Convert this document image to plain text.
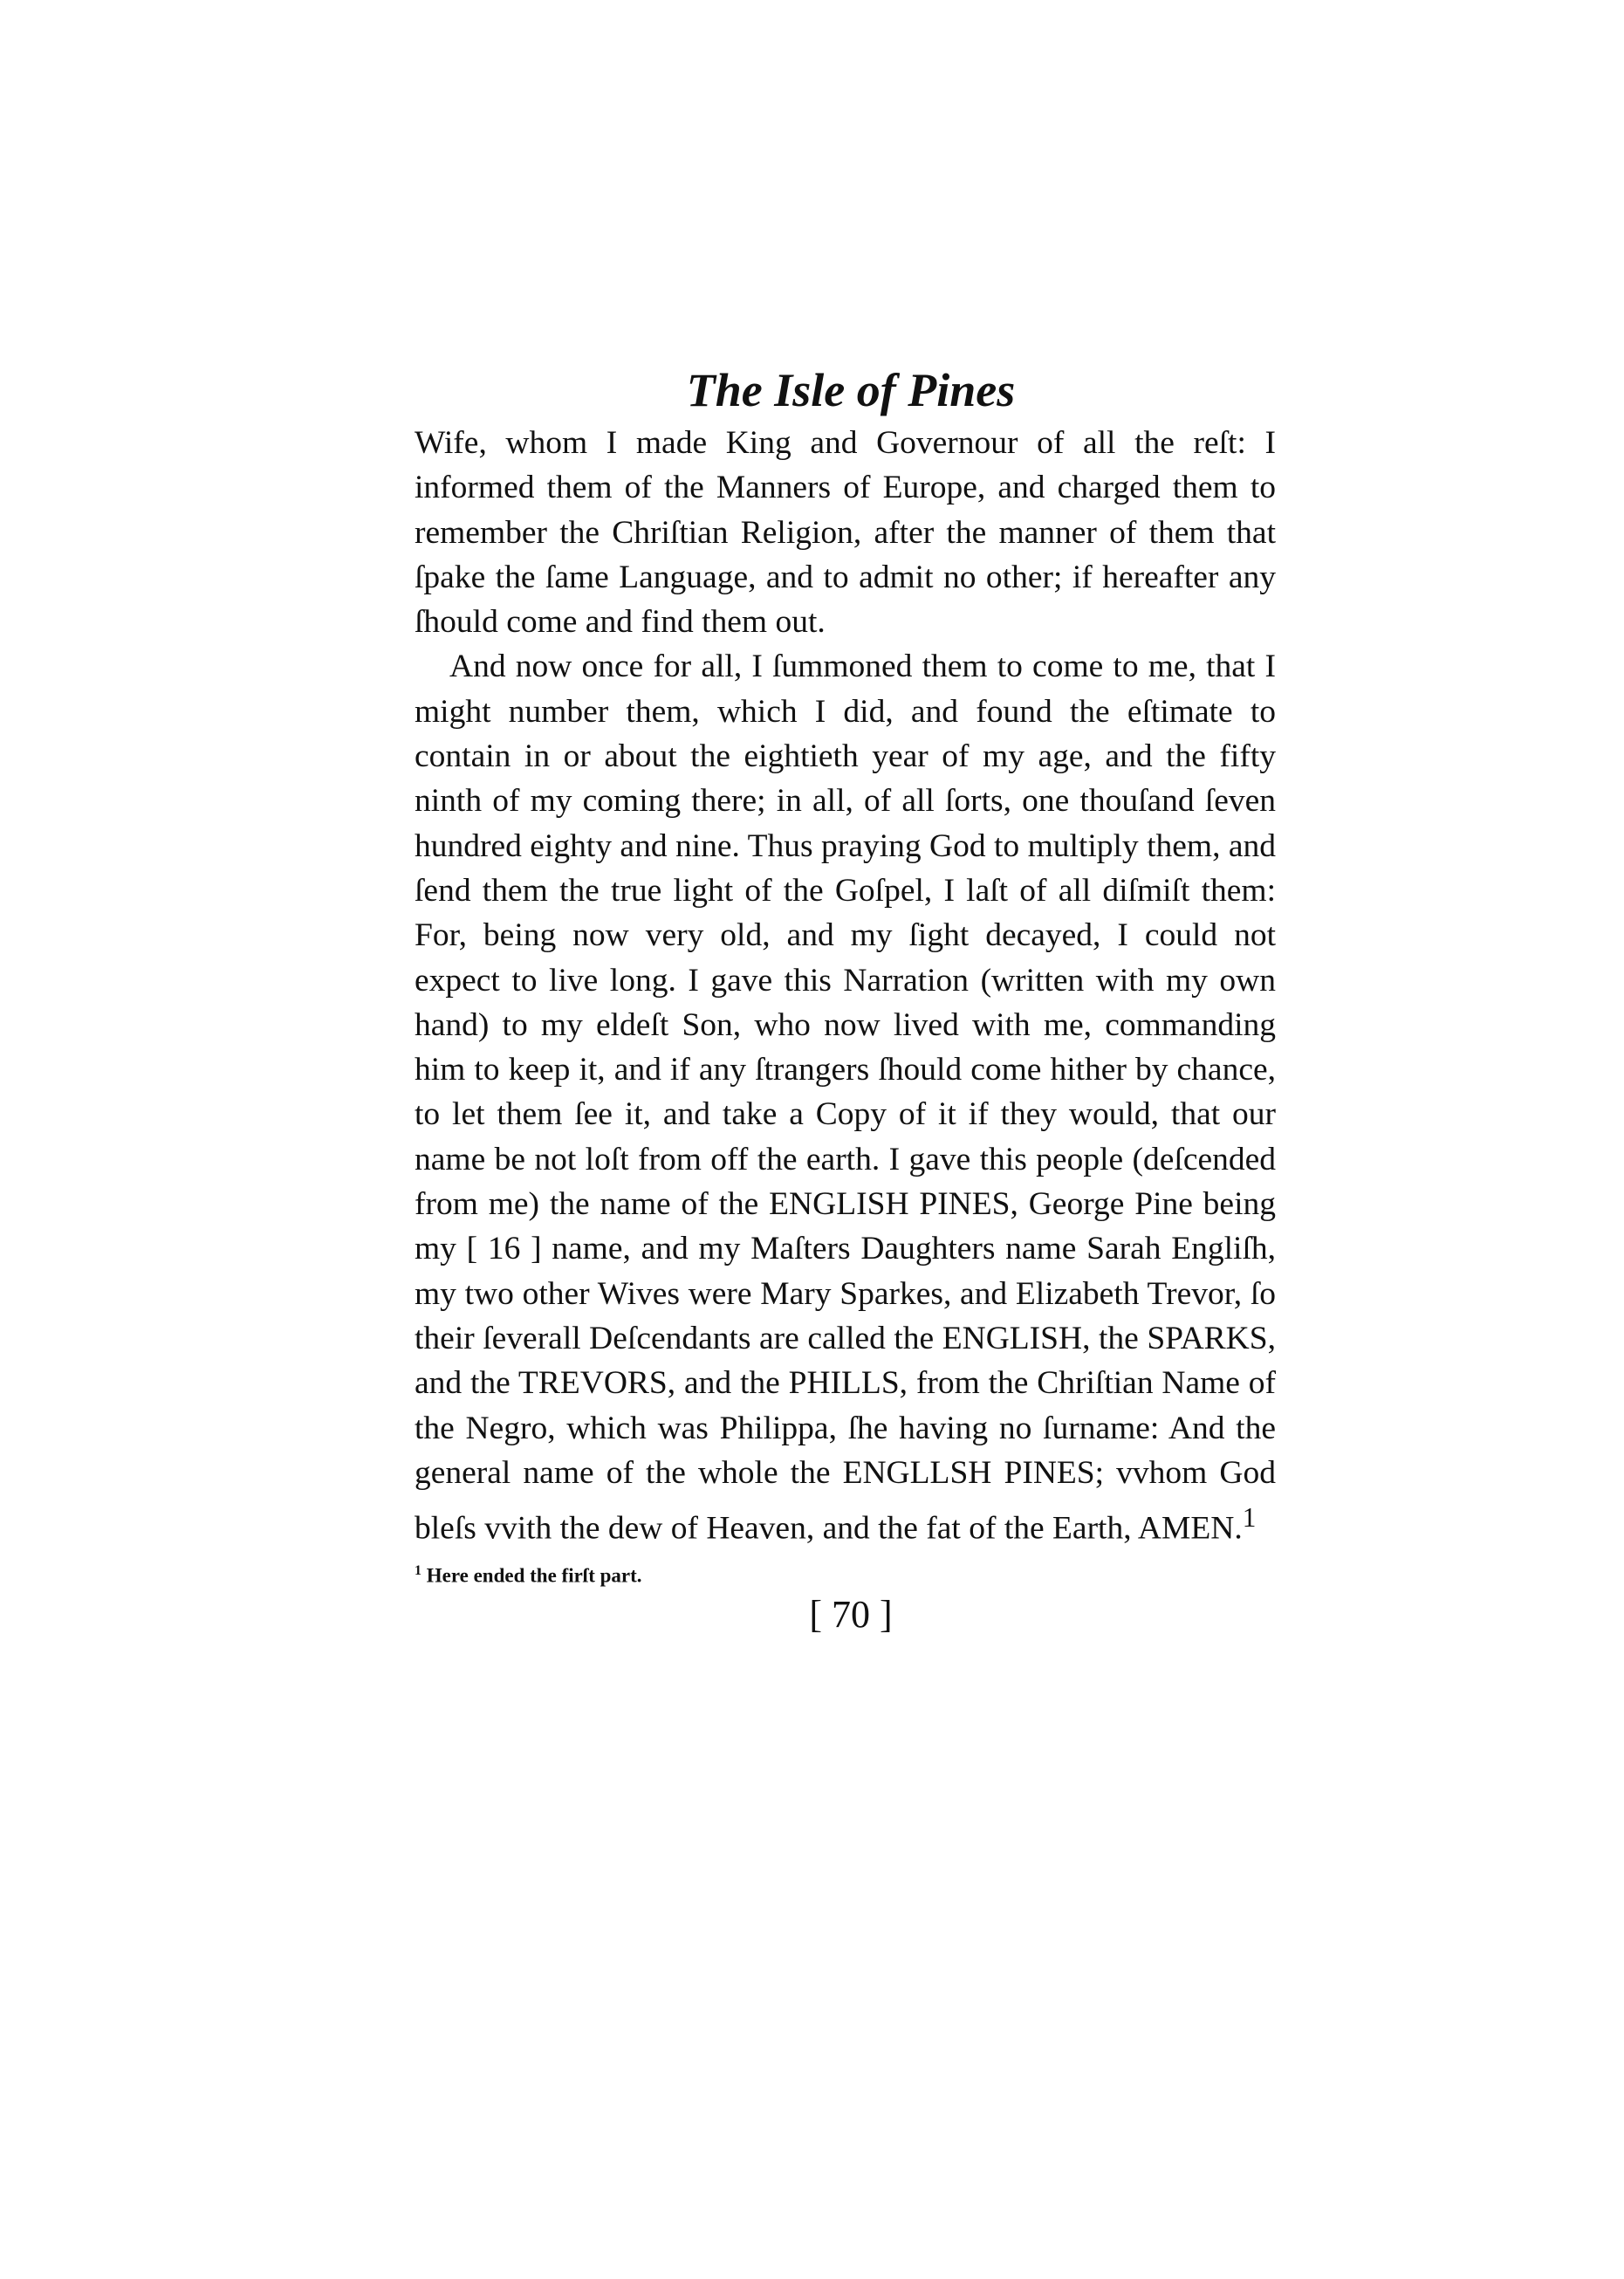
The Isle of Pines

Wife, whom I made King and Governour of all the reſt: I informed them of the Manners of Europe, and charged them to remember the Chriſtian Religion, after the manner of them that ſpake the ſame Language, and to admit no other; if hereafter any ſhould come and find them out.

And now once for all, I ſummoned them to come to me, that I might number them, which I did, and found the eſtimate to contain in or about the eightieth year of my age, and the fifty ninth of my coming there; in all, of all ſorts, one thouſand ſeven hundred eighty and nine. Thus praying God to multiply them, and ſend them the true light of the Goſpel, I laſt of all diſmiſt them: For, being now very old, and my ſight decayed, I could not expect to live long. I gave this Narration (written with my own hand) to my eldeſt Son, who now lived with me, commanding him to keep it, and if any ſtrangers ſhould come hither by chance, to let them ſee it, and take a Copy of it if they would, that our name be not loſt from off the earth. I gave this people (deſcended from me) the name of the ENGLISH PINES, George Pine being my [ 16 ] name, and my Maſters Daughters name Sarah Engliſh, my two other Wives were Mary Sparkes, and Elizabeth Trevor, ſo their ſeverall Deſcendants are called the ENGLISH, the SPARKS, and the TREVORS, and the PHILLS, from the Chriſtian Name of the Negro, which was Philippa, ſhe having no ſurname: And the general name of the whole the ENGLLSH PINES; vvhom God bleſs vvith the dew of Heaven, and the fat of the Earth, AMEN.$^1$

$^1$ Here ended the firſt part.
[ 70 ]
